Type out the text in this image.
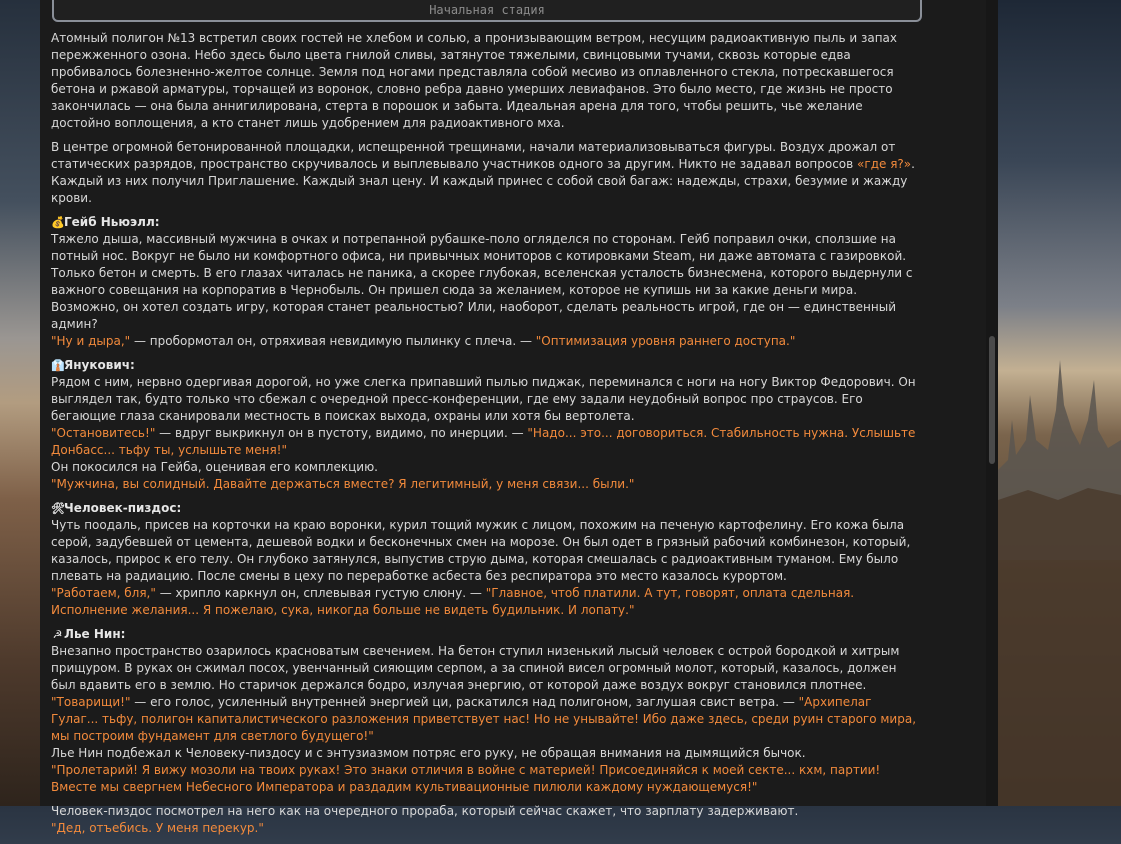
Начальная стадия

Атомный полигон №13 встретил своих гостей не хлебом и солью, а пронизывающим ветром, несущим радиоактивную пыль и запах пережженного озона. Небо здесь было цвета гнилой сливы, затянутое тяжелыми, свинцовыми тучами, сквозь которые едва пробивалось болезненно-желтое солнце. Земля под ногами представляла собой месиво из оплавленного стекла, потрескавшегося бетона и ржавой арматуры, торчащей из воронок, словно ребра давно умерших левиафанов. Это было место, где жизнь не просто закончилась — она была аннигилирована, стерта в порошок и забыта. Идеальная арена для того, чтобы решить, чье желание достойно воплощения, а кто станет лишь удобрением для радиоактивного мха.

В центре огромной бетонированной площадки, испещренной трещинами, начали материализовываться фигуры. Воздух дрожал от статических разрядов, пространство скручивалось и выплевывало участников одного за другим. Никто не задавал вопросов «где я?». Каждый из них получил Приглашение. Каждый знал цену. И каждый принес с собой свой багаж: надежды, страхи, безумие и жажду крови.

💰Гейб Ньюэлл:
Тяжело дыша, массивный мужчина в очках и потрепанной рубашке-поло огляделся по сторонам. Гейб поправил очки, сползшие на потный нос. Вокруг не было ни комфортного офиса, ни привычных мониторов с котировками Steam, ни даже автомата с газировкой. Только бетон и смерть. В его глазах читалась не паника, а скорее глубокая, вселенская усталость бизнесмена, которого выдернули с важного совещания на корпоратив в Чернобыль. Он пришел сюда за желанием, которое не купишь ни за какие деньги мира. Возможно, он хотел создать игру, которая станет реальностью? Или, наоборот, сделать реальность игрой, где он — единственный админ?
"Ну и дыра," — пробормотал он, отряхивая невидимую пылинку с плеча. — "Оптимизация уровня раннего доступа."
👔Янукович:
Рядом с ним, нервно одергивая дорогой, но уже слегка припавший пылью пиджак, переминался с ноги на ногу Виктор Федорович. Он выглядел так, будто только что сбежал с очередной пресс-конференции, где ему задали неудобный вопрос про страусов. Его бегающие глаза сканировали местность в поисках выхода, охраны или хотя бы вертолета.
"Остановитесь!" — вдруг выкрикнул он в пустоту, видимо, по инерции. — "Надо... это... договориться. Стабильность нужна. Услышьте Донбасс... тьфу ты, услышьте меня!"
Он покосился на Гейба, оценивая его комплекцию.
"Мужчина, вы солидный. Давайте держаться вместе? Я легитимный, у меня связи... были."
🛠Человек-пиздос:
Чуть поодаль, присев на корточки на краю воронки, курил тощий мужик с лицом, похожим на печеную картофелину. Его кожа была серой, задубевшей от цемента, дешевой водки и бесконечных смен на морозе. Он был одет в грязный рабочий комбинезон, который, казалось, прирос к его телу. Он глубоко затянулся, выпустив струю дыма, которая смешалась с радиоактивным туманом. Ему было плевать на радиацию. После смены в цеху по переработке асбеста без респиратора это место казалось курортом.
"Работаем, бля," — хрипло каркнул он, сплевывая густую слюну. — "Главное, чтоб платили. А тут, говорят, оплата сдельная. Исполнение желания... Я пожелаю, сука, никогда больше не видеть будильник. И лопату."
☭ Лье Нин:
Внезапно пространство озарилось красноватым свечением. На бетон ступил низенький лысый человек с острой бородкой и хитрым прищуром. В руках он сжимал посох, увенчанный сияющим серпом, а за спиной висел огромный молот, который, казалось, должен был вдавить его в землю. Но старичок держался бодро, излучая энергию, от которой даже воздух вокруг становился плотнее.
"Товарищи!" — его голос, усиленный внутренней энергией ци, раскатился над полигоном, заглушая свист ветра. — "Архипелаг Гулаг... тьфу, полигон капиталистического разложения приветствует нас! Но не унывайте! Ибо даже здесь, среди руин старого мира, мы построим фундамент для светлого будущего!"
Лье Нин подбежал к Человеку-пиздосу и с энтузиазмом потряс его руку, не обращая внимания на дымящийся бычок.
"Пролетарий! Я вижу мозоли на твоих руках! Это знаки отличия в войне с материей! Присоединяйся к моей секте... кхм, партии! Вместе мы свергнем Небесного Императора и раздадим культивационные пилюли каждому нуждающемуся!"
Человек-пиздос посмотрел на него как на очередного прораба, который сейчас скажет, что зарплату задерживают.
"Дед, отъебись. У меня перекур."
